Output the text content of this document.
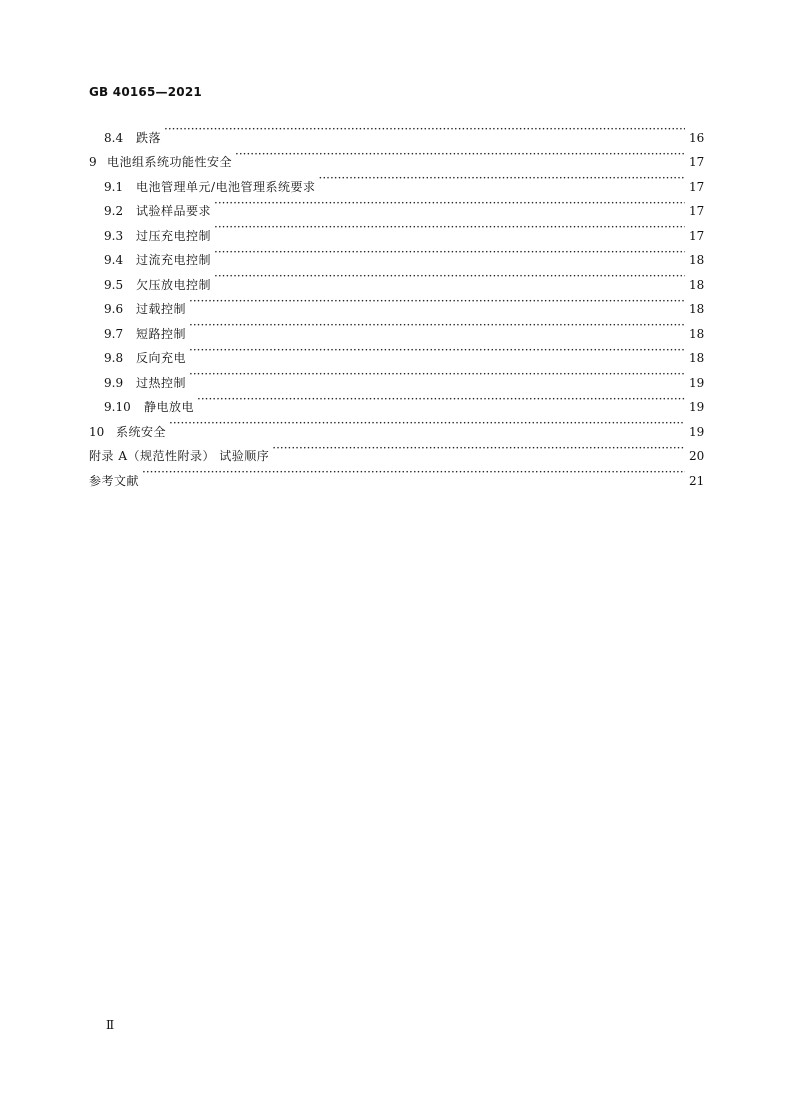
GB 40165—2021
8.4	跌落 ·····	16
9 电池组系统功能性安全 ·····	17
9.1	电池管理单元/电池管理系统要求 ·····	17
9.2	试验样品要求 ·····	17
9.3	过压充电控制 ·····	17
9.4	过流充电控制 ·····	18
9.5	欠压放电控制 ·····	18
9.6	过载控制 ·····	18
9.7	短路控制 ·····	18
9.8	反向充电 ·····	18
9.9	过热控制 ·····	19
9.10	静电放电 ·····	19
10 系统安全 ·····	19
附录 A（规范性附录） 试验顺序 ·····	20
参考文献 ·····	21
Ⅱ
